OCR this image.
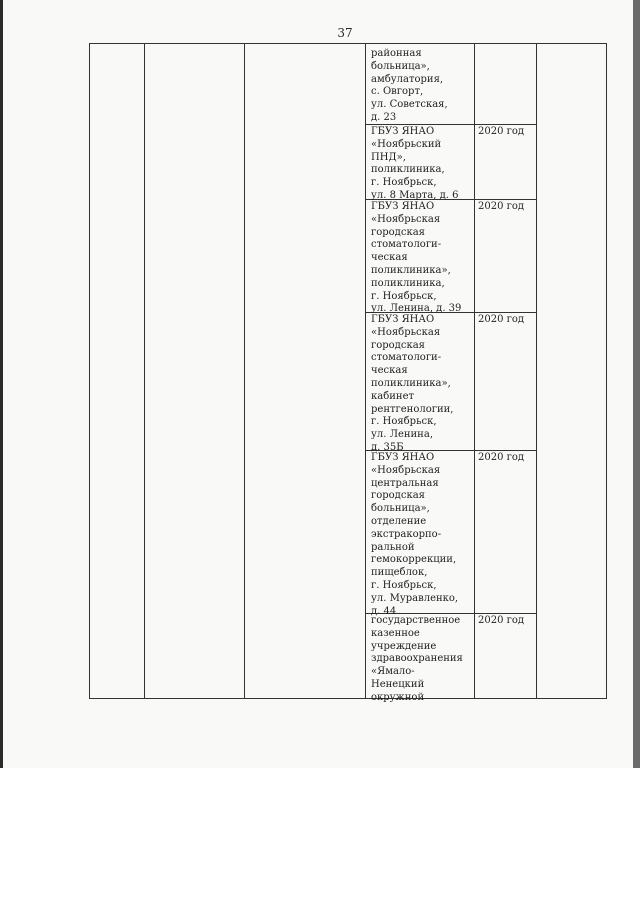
37
районная
больница»,
амбулатория,
с. Овгорт,
ул. Советская,
д. 23
ГБУЗ ЯНАО
«Ноябрьский
ПНД»,
поликлиника,
г. Ноябрьск,
ул. 8 Марта, д. 6
2020 год
ГБУЗ ЯНАО
«Ноябрьская
городская
стоматологи-
ческая
поликлиника»,
поликлиника,
г. Ноябрьск,
ул. Ленина, д. 39
2020 год
ГБУЗ ЯНАО
«Ноябрьская
городская
стоматологи-
ческая
поликлиника»,
кабинет
рентгенологии,
г. Ноябрьск,
ул. Ленина,
д. 35Б
2020 год
ГБУЗ ЯНАО
«Ноябрьская
центральная
городская
больница»,
отделение
экстракорпо-
ральной
гемокоррекции,
пищеблок,
г. Ноябрьск,
ул. Муравленко,
д. 44
2020 год
государственное
казенное
учреждение
здравоохранения
«Ямало-
Ненецкий
окружной
2020 год
